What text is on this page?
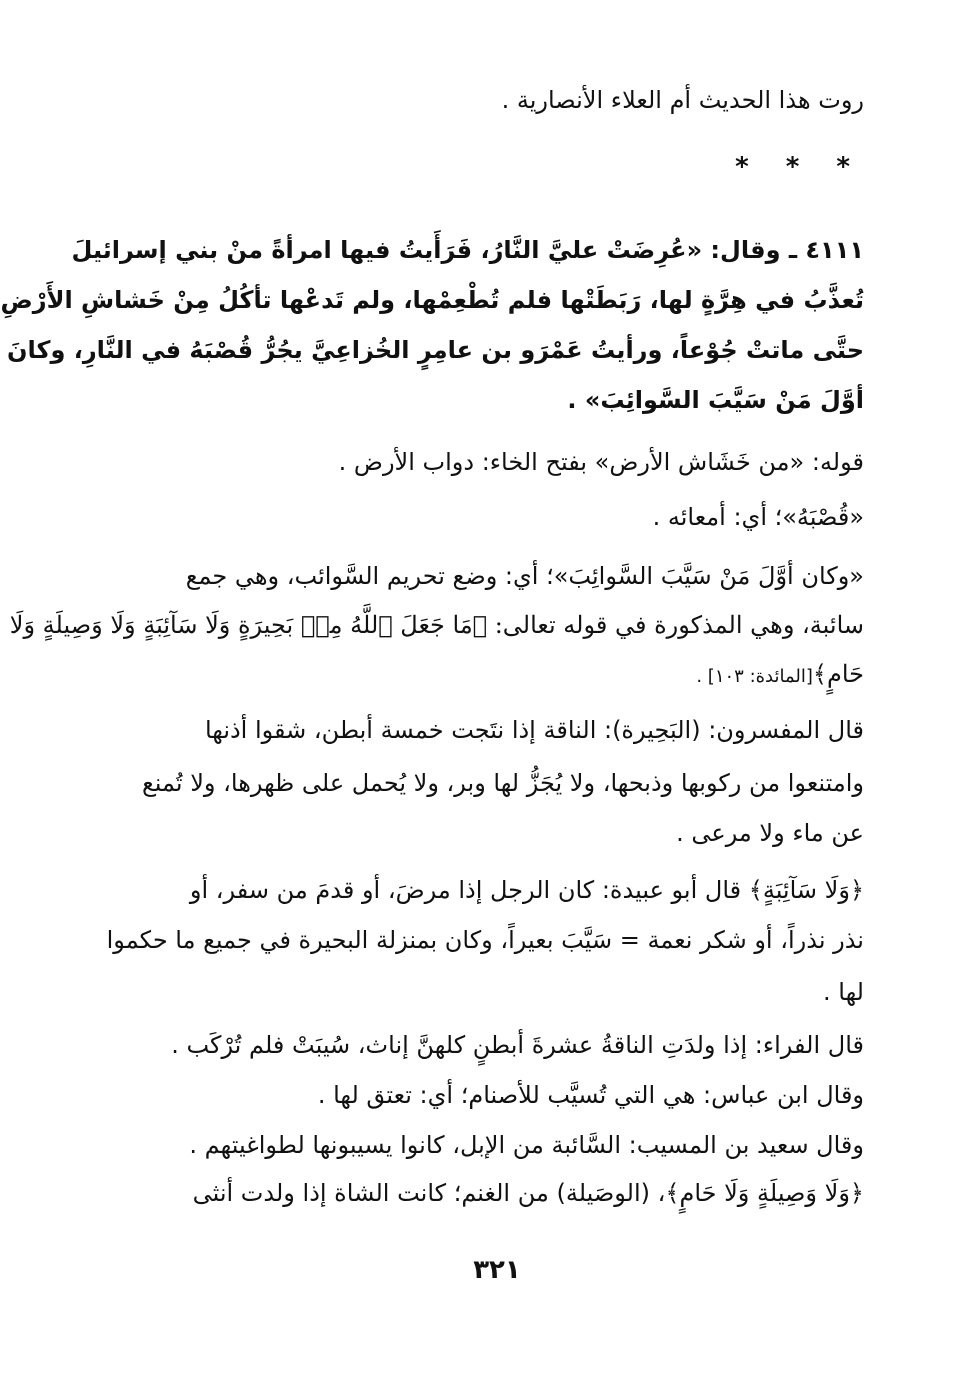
روت هذا الحديث أم العلاء الأنصارية .
* * *
٤١١١ ـ وقال: «عُرِضَتْ عليَّ النَّارُ، فَرَأَيتُ فيها امرأةً منْ بني إسرائيلَ
تُعذَّبُ في هِرَّةٍ لها، رَبَطَتْها فلم تُطْعِمْها، ولم تَدعْها تأكُلُ مِنْ خَشاشِ الأَرْضِ
حتَّى ماتتْ جُوْعاً، ورأيتُ عَمْرَو بن عامِرٍ الخُزاعِيَّ يجُرُّ قُصْبَهُ في النَّارِ، وكانَ
أوَّلَ مَنْ سَيَّبَ السَّوائِبَ» .
قوله: «من خَشَاش الأرض» بفتح الخاء: دواب الأرض .
«قُصْبَهُ»؛ أي: أمعائه .
«وكان أوَّلَ مَنْ سَيَّبَ السَّوائِبَ»؛ أي: وضع تحريم السَّوائب، وهي جمع
سائبة، وهي المذكورة في قوله تعالى: ﴿مَا جَعَلَ ٱللَّهُ مِنۢ بَحِيرَةٍ وَلَا سَآئِبَةٍ وَلَا وَصِيلَةٍ وَلَا
حَامٍ﴾[المائدة: ١٠٣] .
قال المفسرون: (البَحِيرة): الناقة إذا نتَجت خمسة أبطن، شقوا أذنها
وامتنعوا من ركوبها وذبحها، ولا يُجَزُّ لها وبر، ولا يُحمل على ظهرها، ولا تُمنع
عن ماء ولا مرعى .
﴿وَلَا سَآئِبَةٍ﴾ قال أبو عبيدة: كان الرجل إذا مرضَ، أو قدمَ من سفر، أو
نذر نذراً، أو شكر نعمة = سَيَّبَ بعيراً، وكان بمنزلة البحيرة في جميع ما حكموا
لها .
قال الفراء: إذا ولدَتِ الناقةُ عشرةَ أبطنٍ كلهنَّ إناث، سُيبَتْ فلم تُرْكَب .
وقال ابن عباس: هي التي تُسيَّب للأصنام؛ أي: تعتق لها .
وقال سعيد بن المسيب: السَّائبة من الإبل، كانوا يسيبونها لطواغيتهم .
﴿وَلَا وَصِيلَةٍ وَلَا حَامٍ﴾، (الوصَيلة) من الغنم؛ كانت الشاة إذا ولدت أنثى
٣٢١
